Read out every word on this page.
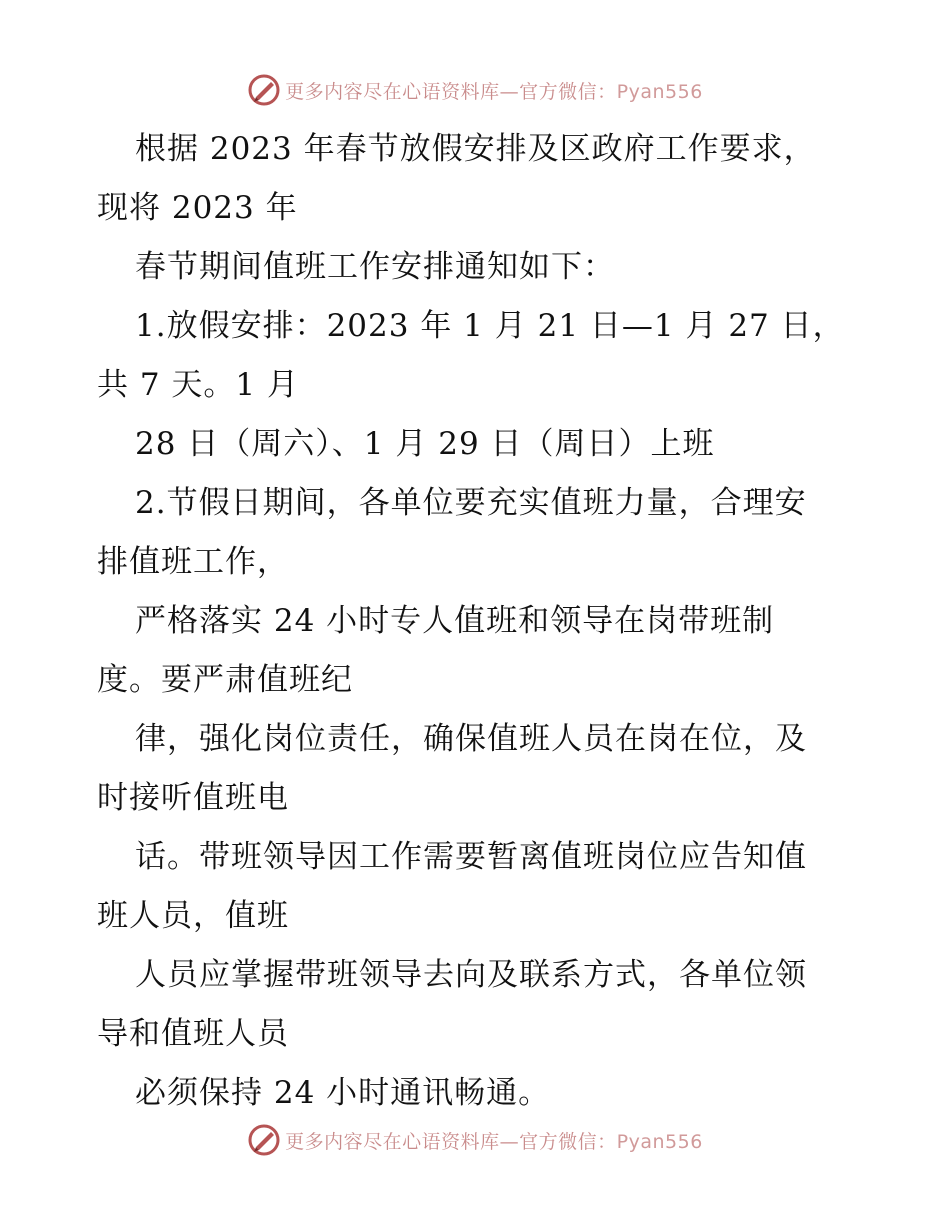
更多内容尽在心语资料库—官方微信：Pyan556
根据 2023 年春节放假安排及区政府工作要求，
现将 2023 年
春节期间值班工作安排通知如下：
1.放假安排：2023 年 1 月 21 日—1 月 27 日，
共 7 天。1 月
28 日（周六）、1 月 29 日（周日）上班
2.节假日期间，各单位要充实值班力量，合理安
排值班工作，
严格落实 24 小时专人值班和领导在岗带班制
度。要严肃值班纪
律，强化岗位责任，确保值班人员在岗在位，及
时接听值班电
话。带班领导因工作需要暂离值班岗位应告知值
班人员，值班
人员应掌握带班领导去向及联系方式，各单位领
导和值班人员
必须保持 24 小时通讯畅通。
更多内容尽在心语资料库—官方微信：Pyan556
